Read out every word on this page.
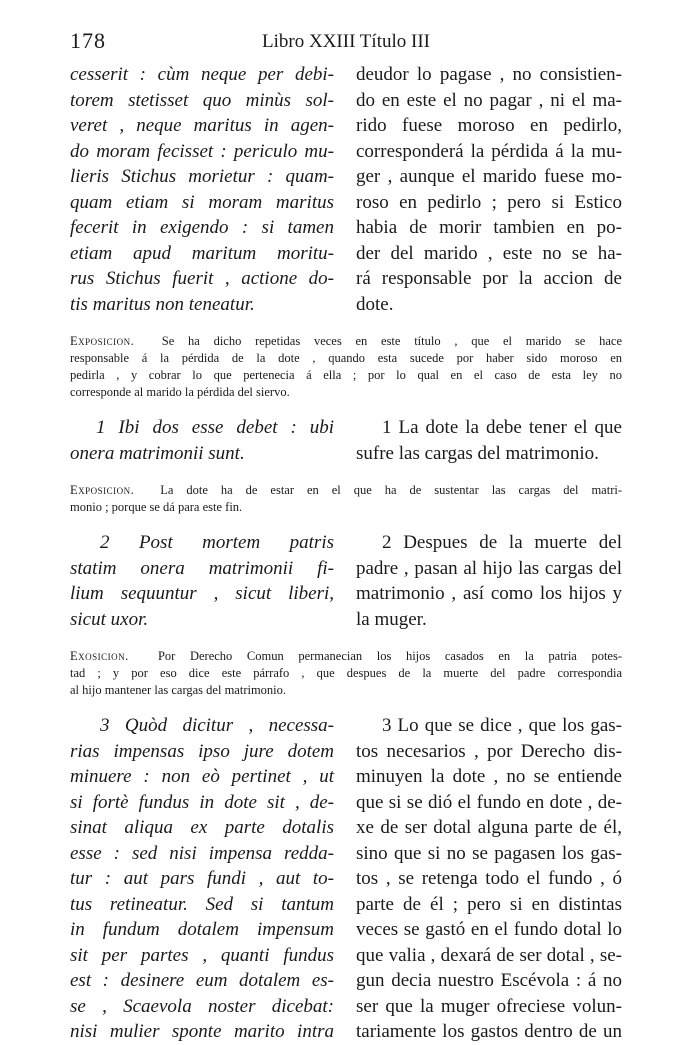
178	Libro XXIII Título III
cesserit : cùm neque per debi-
torem stetisset quo minùs sol-
veret , neque maritus in agen-
do moram fecisset : periculo mu-
lieris Stichus morietur : quam-
quam etiam si moram maritus
fecerit in exigendo : si tamen
etiam apud maritum moritu-
rus Stichus fuerit , actione do-
tis maritus non teneatur.
deudor lo pagase , no consistien-
do en este el no pagar , ni el ma-
rido fuese moroso en pedirlo,
corresponderá la pérdida á la mu-
ger , aunque el marido fuese mo-
roso en pedirlo ; pero si Estico
habia de morir tambien en po-
der del marido , este no se ha-
rá responsable por la accion de
dote.
Exposicion. Se ha dicho repetidas veces en este título , que el marido se hace
responsable á la pérdida de la dote , quando esta sucede por haber sido moroso en
pedirla , y cobrar lo que pertenecia á ella ; por lo qual en el caso de esta ley no
corresponde al marido la pérdida del siervo.
1 Ibi dos esse debet : ubi
onera matrimonii sunt.
1 La dote la debe tener el que
sufre las cargas del matrimonio.
Exposicion. La dote ha de estar en el que ha de sustentar las cargas del matri-
monio ; porque se dá para este fin.
2 Post mortem patris
statim onera matrimonii fi-
lium sequuntur , sicut liberi,
sicut uxor.
2 Despues de la muerte del
padre , pasan al hijo las cargas del
matrimonio , así como los hijos y
la muger.
Exosicion. Por Derecho Comun permanecian los hijos casados en la patria potes-
tad ; y por eso dice este párrafo , que despues de la muerte del padre correspondia
al hijo mantener las cargas del matrimonio.
3 Quòd dicitur , necessa-
rias impensas ipso jure dotem
minuere : non eò pertinet , ut
si fortè fundus in dote sit , de-
sinat aliqua ex parte dotalis
esse : sed nisi impensa redda-
tur : aut pars fundi , aut to-
tus retineatur. Sed si tantum
in fundum dotalem impensum
sit per partes , quanti fundus
est : desinere eum dotalem es-
se , Scaevola noster dicebat:
nisi mulier sponte marito intra
3 Lo que se dice , que los gas-
tos necesarios , por Derecho dis-
minuyen la dote , no se entiende
que si se dió el fundo en dote , de-
xe de ser dotal alguna parte de él,
sino que si no se pagasen los gas-
tos , se retenga todo el fundo , ó
parte de él ; pero si en distintas
veces se gastó en el fundo dotal lo
que valia , dexará de ser dotal , se-
gun decia nuestro Escévola : á no
ser que la muger ofreciese volun-
tariamente los gastos dentro de un
